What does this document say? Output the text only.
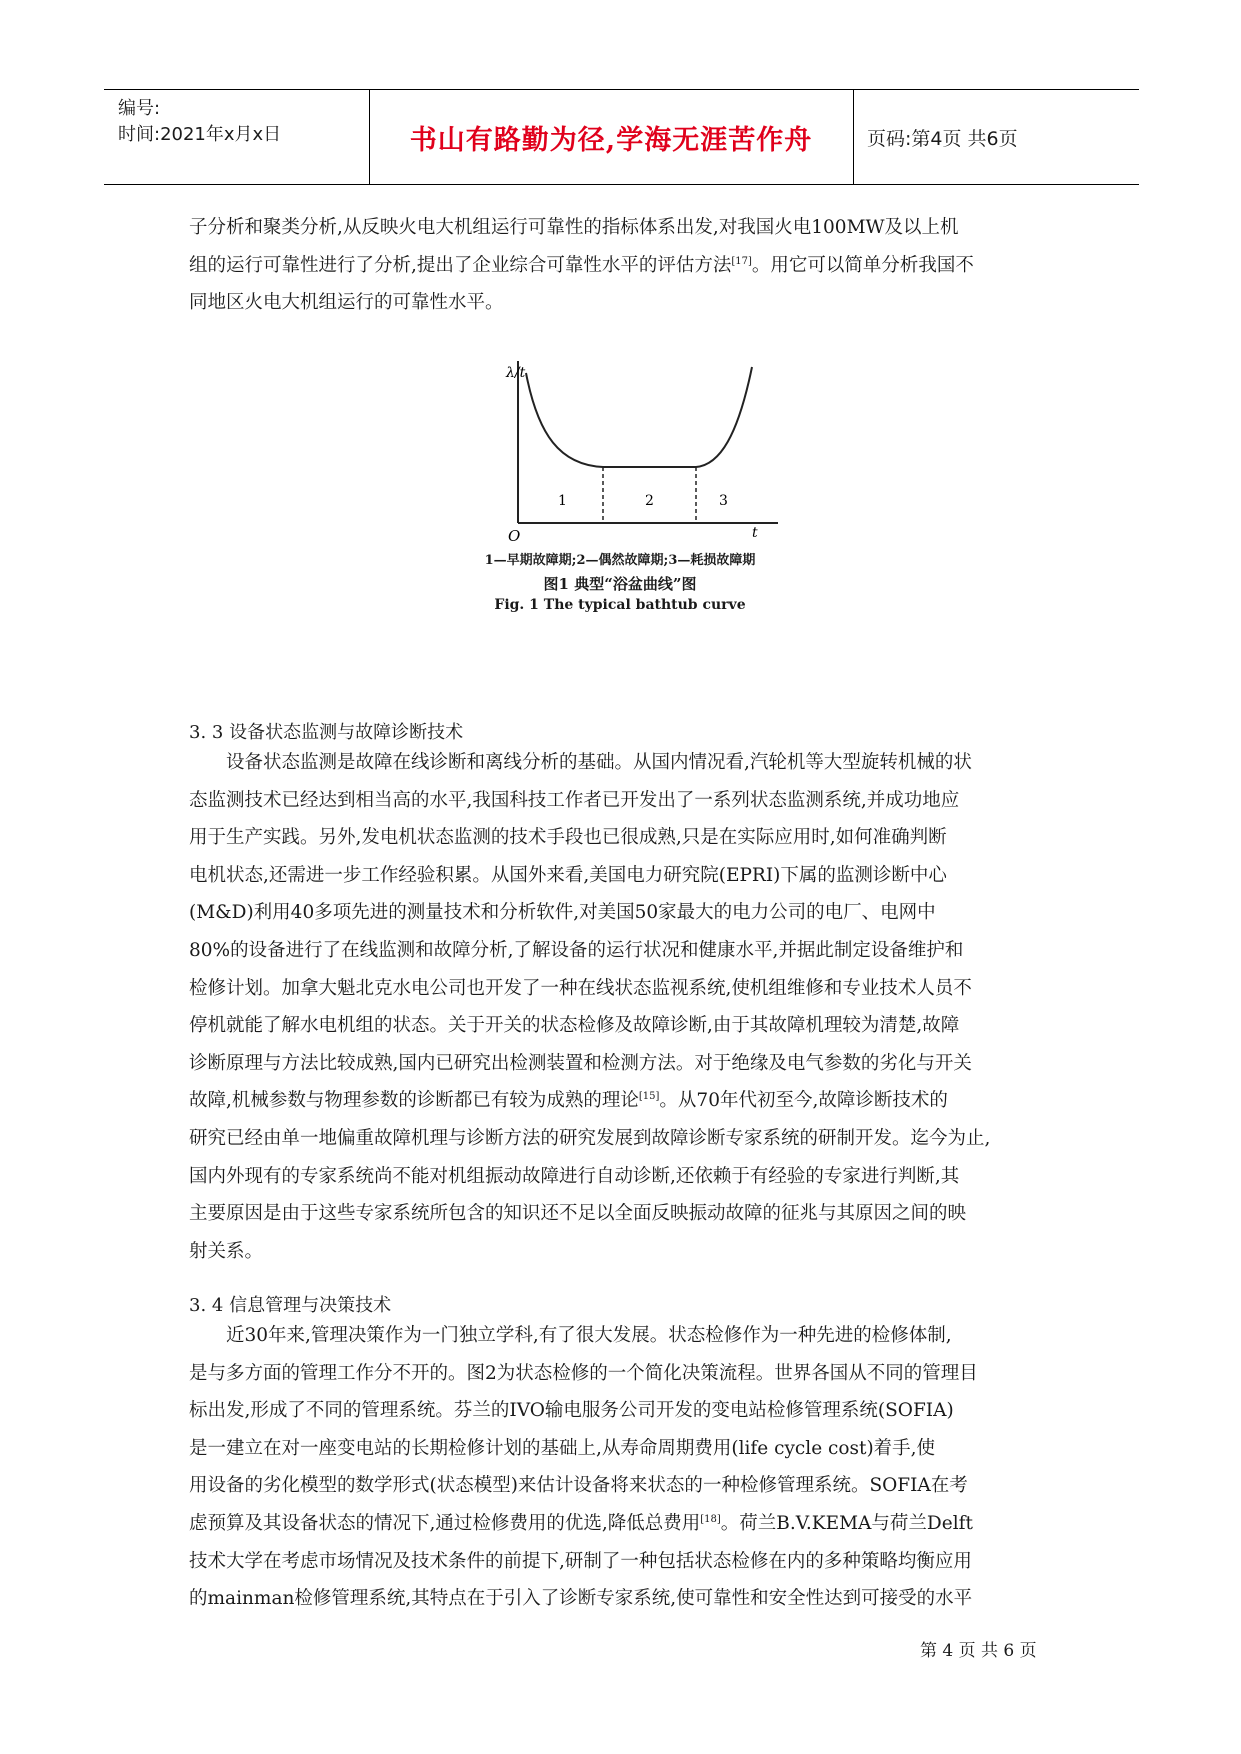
编号:
时间:2021年x月x日	书山有路勤为径,学海无涯苦作舟	页码:第4页 共6页
子分析和聚类分析,从反映火电大机组运行可靠性的指标体系出发,对我国火电100MW及以上机
组的运行可靠性进行了分析,提出了企业综合可靠性水平的评估方法[17]。用它可以简单分析我国不
同地区火电大机组运行的可靠性水平。
λ/t
O	t
1	2	3
1—早期故障期;2—偶然故障期;3—耗损故障期
图1 典型“浴盆曲线”图
Fig. 1 The typical bathtub curve
3. 3 设备状态监测与故障诊断技术
设备状态监测是故障在线诊断和离线分析的基础。从国内情况看,汽轮机等大型旋转机械的状
态监测技术已经达到相当高的水平,我国科技工作者已开发出了一系列状态监测系统,并成功地应
用于生产实践。另外,发电机状态监测的技术手段也已很成熟,只是在实际应用时,如何准确判断
电机状态,还需进一步工作经验积累。从国外来看,美国电力研究院(EPRI)下属的监测诊断中心
(M&D)利用40多项先进的测量技术和分析软件,对美国50家最大的电力公司的电厂、电网中
80%的设备进行了在线监测和故障分析,了解设备的运行状况和健康水平,并据此制定设备维护和
检修计划。加拿大魁北克水电公司也开发了一种在线状态监视系统,使机组维修和专业技术人员不
停机就能了解水电机组的状态。关于开关的状态检修及故障诊断,由于其故障机理较为清楚,故障
诊断原理与方法比较成熟,国内已研究出检测装置和检测方法。对于绝缘及电气参数的劣化与开关
故障,机械参数与物理参数的诊断都已有较为成熟的理论[15]。从70年代初至今,故障诊断技术的
研究已经由单一地偏重故障机理与诊断方法的研究发展到故障诊断专家系统的研制开发。迄今为止,
国内外现有的专家系统尚不能对机组振动故障进行自动诊断,还依赖于有经验的专家进行判断,其
主要原因是由于这些专家系统所包含的知识还不足以全面反映振动故障的征兆与其原因之间的映
射关系。
3. 4 信息管理与决策技术
近30年来,管理决策作为一门独立学科,有了很大发展。状态检修作为一种先进的检修体制,
是与多方面的管理工作分不开的。图2为状态检修的一个简化决策流程。世界各国从不同的管理目
标出发,形成了不同的管理系统。芬兰的IVO输电服务公司开发的变电站检修管理系统(SOFIA)
是一建立在对一座变电站的长期检修计划的基础上,从寿命周期费用(life cycle cost)着手,使
用设备的劣化模型的数学形式(状态模型)来估计设备将来状态的一种检修管理系统。SOFIA在考
虑预算及其设备状态的情况下,通过检修费用的优选,降低总费用[18]。荷兰B.V.KEMA与荷兰Delft
技术大学在考虑市场情况及技术条件的前提下,研制了一种包括状态检修在内的多种策略均衡应用
的mainman检修管理系统,其特点在于引入了诊断专家系统,使可靠性和安全性达到可接受的水平
第 4 页 共 6 页
